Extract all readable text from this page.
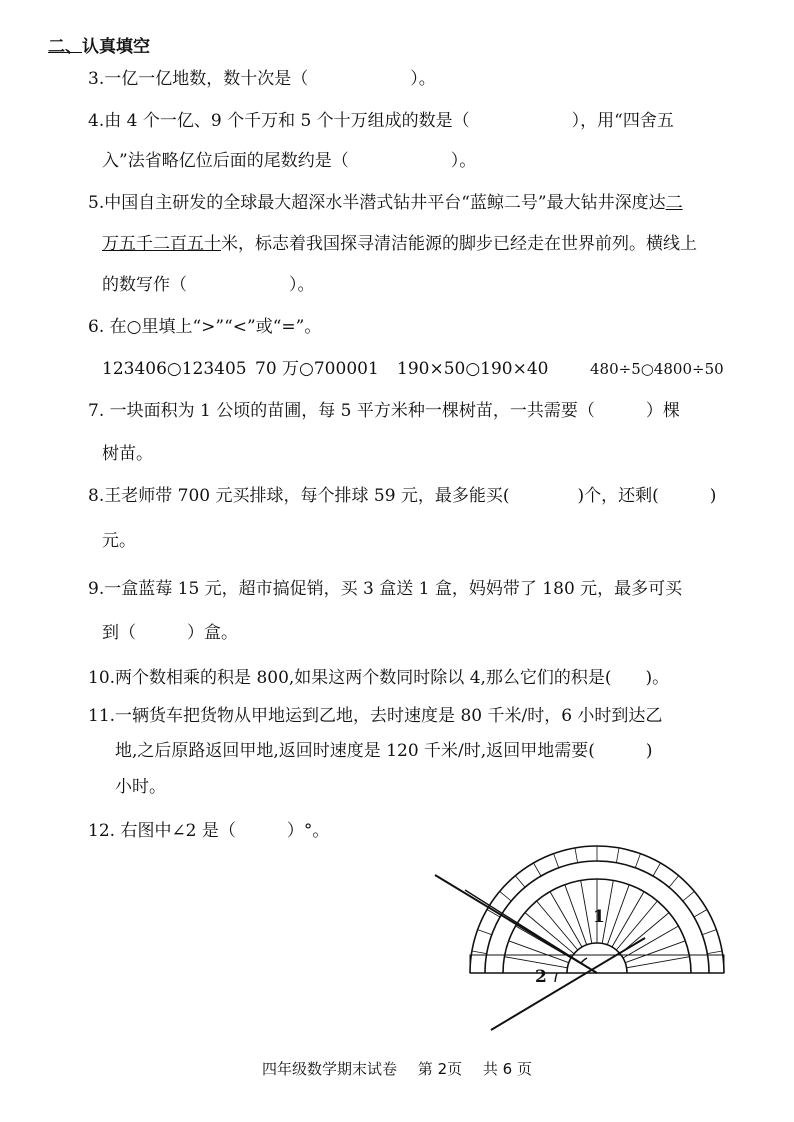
二、认真填空
3.一亿一亿地数，数十次是（　　　　　　）。
4.由 4 个一亿、9 个千万和 5 个十万组成的数是（　　　　　　），用“四舍五
入”法省略亿位后面的尾数约是（　　　　　　）。
5.中国自主研发的全球最大超深水半潜式钻井平台“蓝鲸二号”最大钻井深度达二
万五千二百五十米，标志着我国探寻清洁能源的脚步已经走在世界前列。横线上
的数写作（　　　　　　）。
6. 在○里填上“>”“<”或“=”。
123406○123405 70 万○700001 190×50○190×40	480÷5○4800÷50
7. 一块面积为 1 公顷的苗圃，每 5 平方米种一棵树苗，一共需要（　　　）棵
树苗。
8.王老师带 700 元买排球，每个排球 59 元，最多能买(　　　　)个，还剩(　　　)
元。
9.一盒蓝莓 15 元，超市搞促销，买 3 盒送 1 盒，妈妈带了 180 元，最多可买
到（　　　）盒。
10.两个数相乘的积是 800,如果这两个数同时除以 4,那么它们的积是(　　)。
11.一辆货车把货物从甲地运到乙地，去时速度是 80 千米/时，6 小时到达乙
地,之后原路返回甲地,返回时速度是 120 千米/时,返回甲地需要(　　　)
小时。
12. 右图中∠2 是（　　　）°。
1
2
四年级数学期末试卷 第 2页 共 6 页
